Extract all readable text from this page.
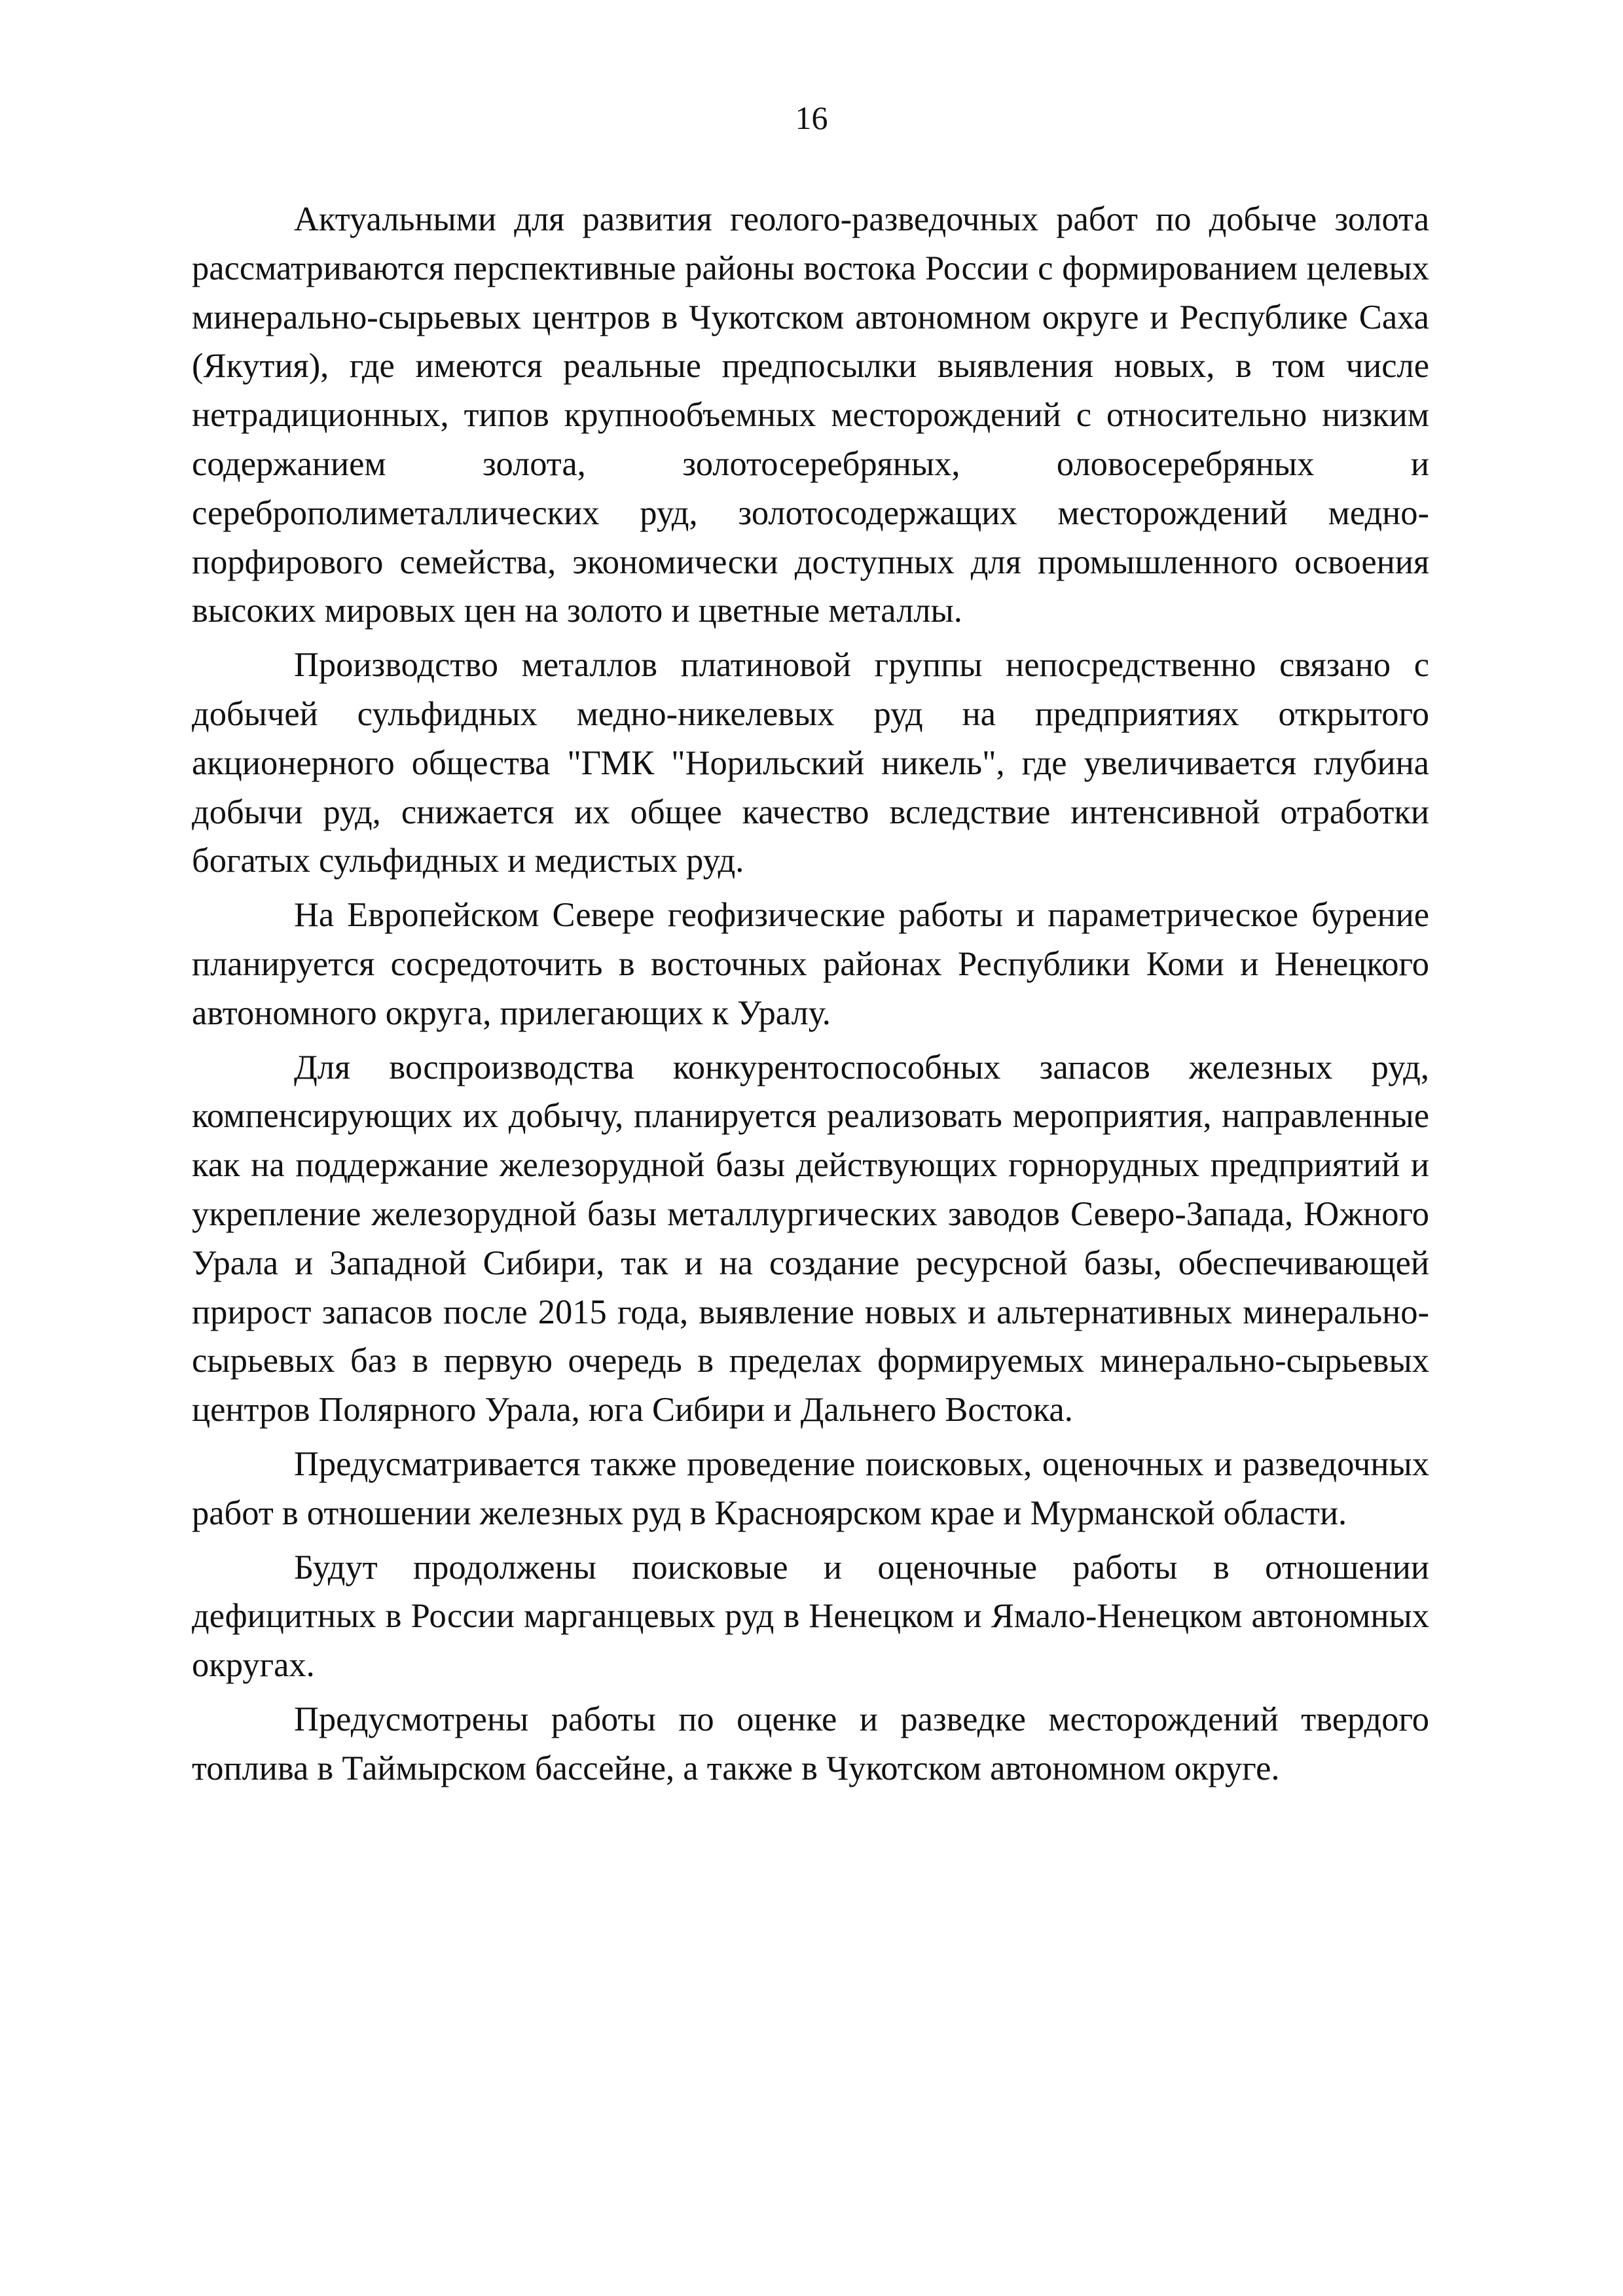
16

Актуальными для развития геолого-разведочных работ по добыче золота рассматриваются перспективные районы востока России с формированием целевых минерально-сырьевых центров в Чукотском автономном округе и Республике Саха (Якутия), где имеются реальные предпосылки выявления новых, в том числе нетрадиционных, типов крупнообъемных месторождений с относительно низким содержанием золота, золотосеребряных, оловосеребряных и сереброполиметаллических руд, золотосодержащих месторождений медно-порфирового семейства, экономически доступных для промышленного освоения высоких мировых цен на золото и цветные металлы.

Производство металлов платиновой группы непосредственно связано с добычей сульфидных медно-никелевых руд на предприятиях открытого акционерного общества "ГМК "Норильский никель", где увеличивается глубина добычи руд, снижается их общее качество вследствие интенсивной отработки богатых сульфидных и медистых руд.

На Европейском Севере геофизические работы и параметрическое бурение планируется сосредоточить в восточных районах Республики Коми и Ненецкого автономного округа, прилегающих к Уралу.

Для воспроизводства конкурентоспособных запасов железных руд, компенсирующих их добычу, планируется реализовать мероприятия, направленные как на поддержание железорудной базы действующих горнорудных предприятий и укрепление железорудной базы металлургических заводов Северо-Запада, Южного Урала и Западной Сибири, так и на создание ресурсной базы, обеспечивающей прирост запасов после 2015 года, выявление новых и альтернативных минерально-сырьевых баз в первую очередь в пределах формируемых минерально-сырьевых центров Полярного Урала, юга Сибири и Дальнего Востока.

Предусматривается также проведение поисковых, оценочных и разведочных работ в отношении железных руд в Красноярском крае и Мурманской области.

Будут продолжены поисковые и оценочные работы в отношении дефицитных в России марганцевых руд в Ненецком и Ямало-Ненецком автономных округах.

Предусмотрены работы по оценке и разведке месторождений твердого топлива в Таймырском бассейне, а также в Чукотском автономном округе.
